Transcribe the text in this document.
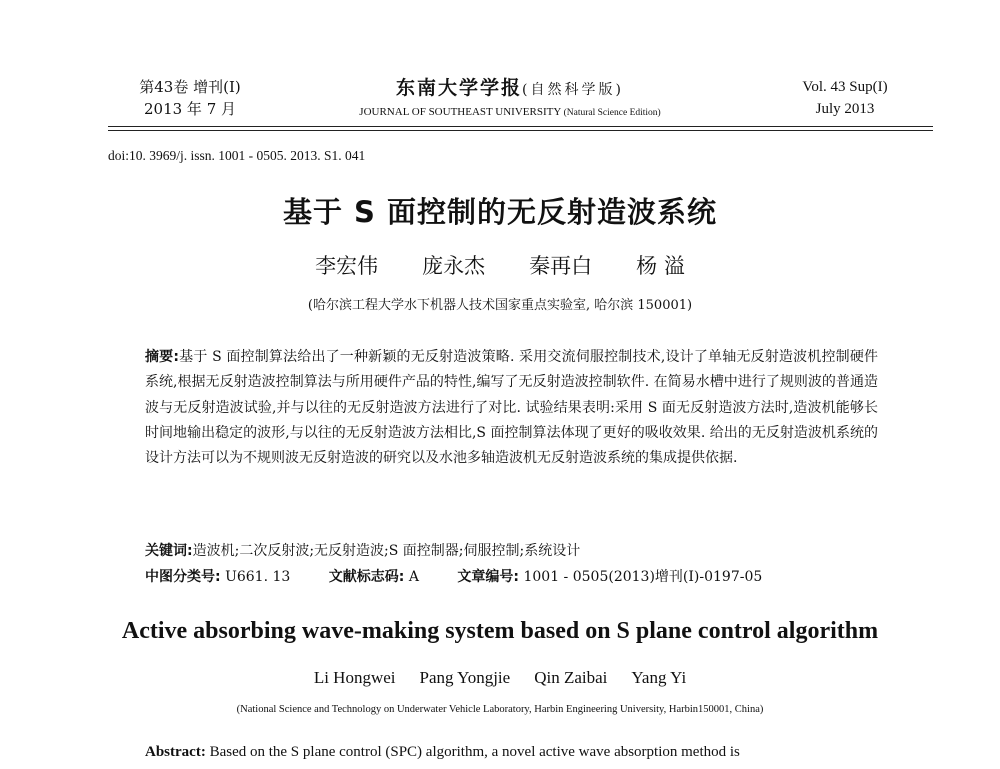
第43卷 增刊(I)
2013 年 7 月
东南大学学报(自然科学版)
JOURNAL OF SOUTHEAST UNIVERSITY (Natural Science Edition)
Vol. 43 Sup(I)
July 2013
doi:10. 3969/j. issn. 1001 - 0505. 2013. S1. 041
基于 S 面控制的无反射造波系统
李宏伟 庞永杰 秦再白 杨 溢
(哈尔滨工程大学水下机器人技术国家重点实验室, 哈尔滨 150001)
摘要:基于 S 面控制算法给出了一种新颖的无反射造波策略. 采用交流伺服控制技术,设计了单轴无反射造波机控制硬件系统,根据无反射造波控制算法与所用硬件产品的特性,编写了无反射造波控制软件. 在简易水槽中进行了规则波的普通造波与无反射造波试验,并与以往的无反射造波方法进行了对比. 试验结果表明:采用 S 面无反射造波方法时,造波机能够长时间地输出稳定的波形,与以往的无反射造波方法相比,S 面控制算法体现了更好的吸收效果. 给出的无反射造波机系统的设计方法可以为不规则波无反射造波的研究以及水池多轴造波机无反射造波系统的集成提供依据.
关键词:造波机;二次反射波;无反射造波;S 面控制器;伺服控制;系统设计
中图分类号: U661. 13	文献标志码: A	文章编号: 1001 - 0505(2013)增刊(I)-0197-05
Active absorbing wave-making system based on S plane control algorithm
Li Hongwei Pang Yongjie Qin Zaibai Yang Yi
(National Science and Technology on Underwater Vehicle Laboratory, Harbin Engineering University, Harbin150001, China)
Abstract: Based on the S plane control (SPC) algorithm, a novel active wave absorption method is
